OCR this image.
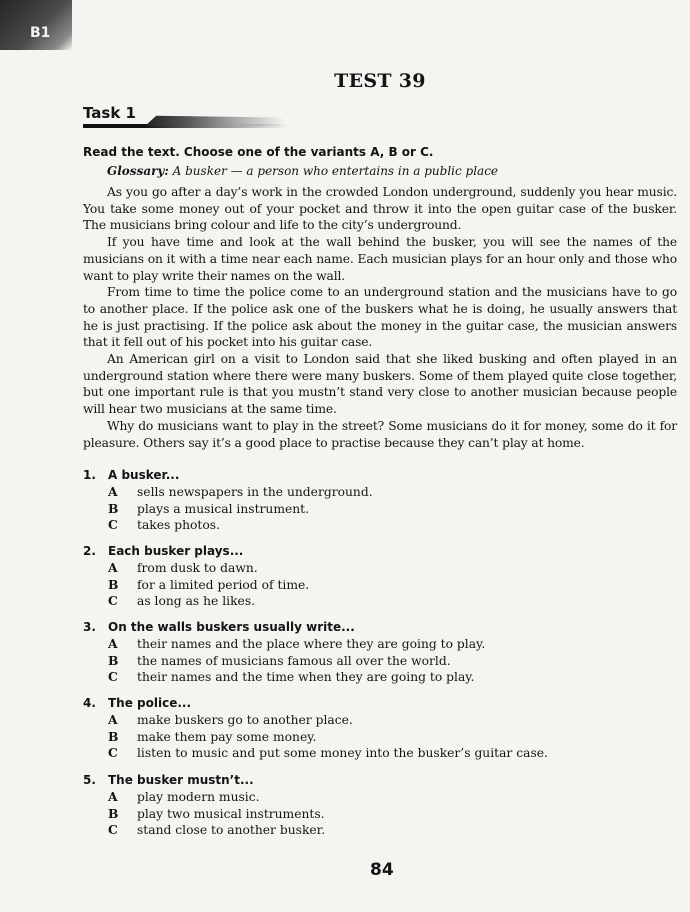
B1
TEST 39
Task 1
Read the text. Choose one of the variants A, B or C.
Glossary: A busker — a person who entertains in a public place

As you go after a day’s work in the crowded London underground, suddenly you hear music. You take some money out of your pocket and throw it into the open guitar case of the busker. The musicians bring colour and life to the city’s underground.

If you have time and look at the wall behind the busker, you will see the names of the musicians on it with a time near each name. Each musician plays for an hour only and those who want to play write their names on the wall.

From time to time the police come to an underground station and the musicians have to go to another place. If the police ask one of the buskers what he is doing, he usually answers that he is just practising. If the police ask about the money in the guitar case, the musician answers that it fell out of his pocket into his guitar case.

An American girl on a visit to London said that she liked busking and often played in an underground station where there were many buskers. Some of them played quite close together, but one important rule is that you mustn’t stand very close to another musician because people will hear two musicians at the same time.

Why do musicians want to play in the street? Some musicians do it for money, some do it for pleasure. Others say it’s a good place to practise because they can’t play at home.

1. A busker...
A sells newspapers in the underground.
B plays a musical instrument.
C takes photos.
2. Each busker plays...
A from dusk to dawn.
B for a limited period of time.
C as long as he likes.
3. On the walls buskers usually write...
A their names and the place where they are going to play.
B the names of musicians famous all over the world.
C their names and the time when they are going to play.
4. The police...
A make buskers go to another place.
B make them pay some money.
C listen to music and put some money into the busker’s guitar case.
5. The busker mustn’t...
A play modern music.
B play two musical instruments.
C stand close to another busker.
84
